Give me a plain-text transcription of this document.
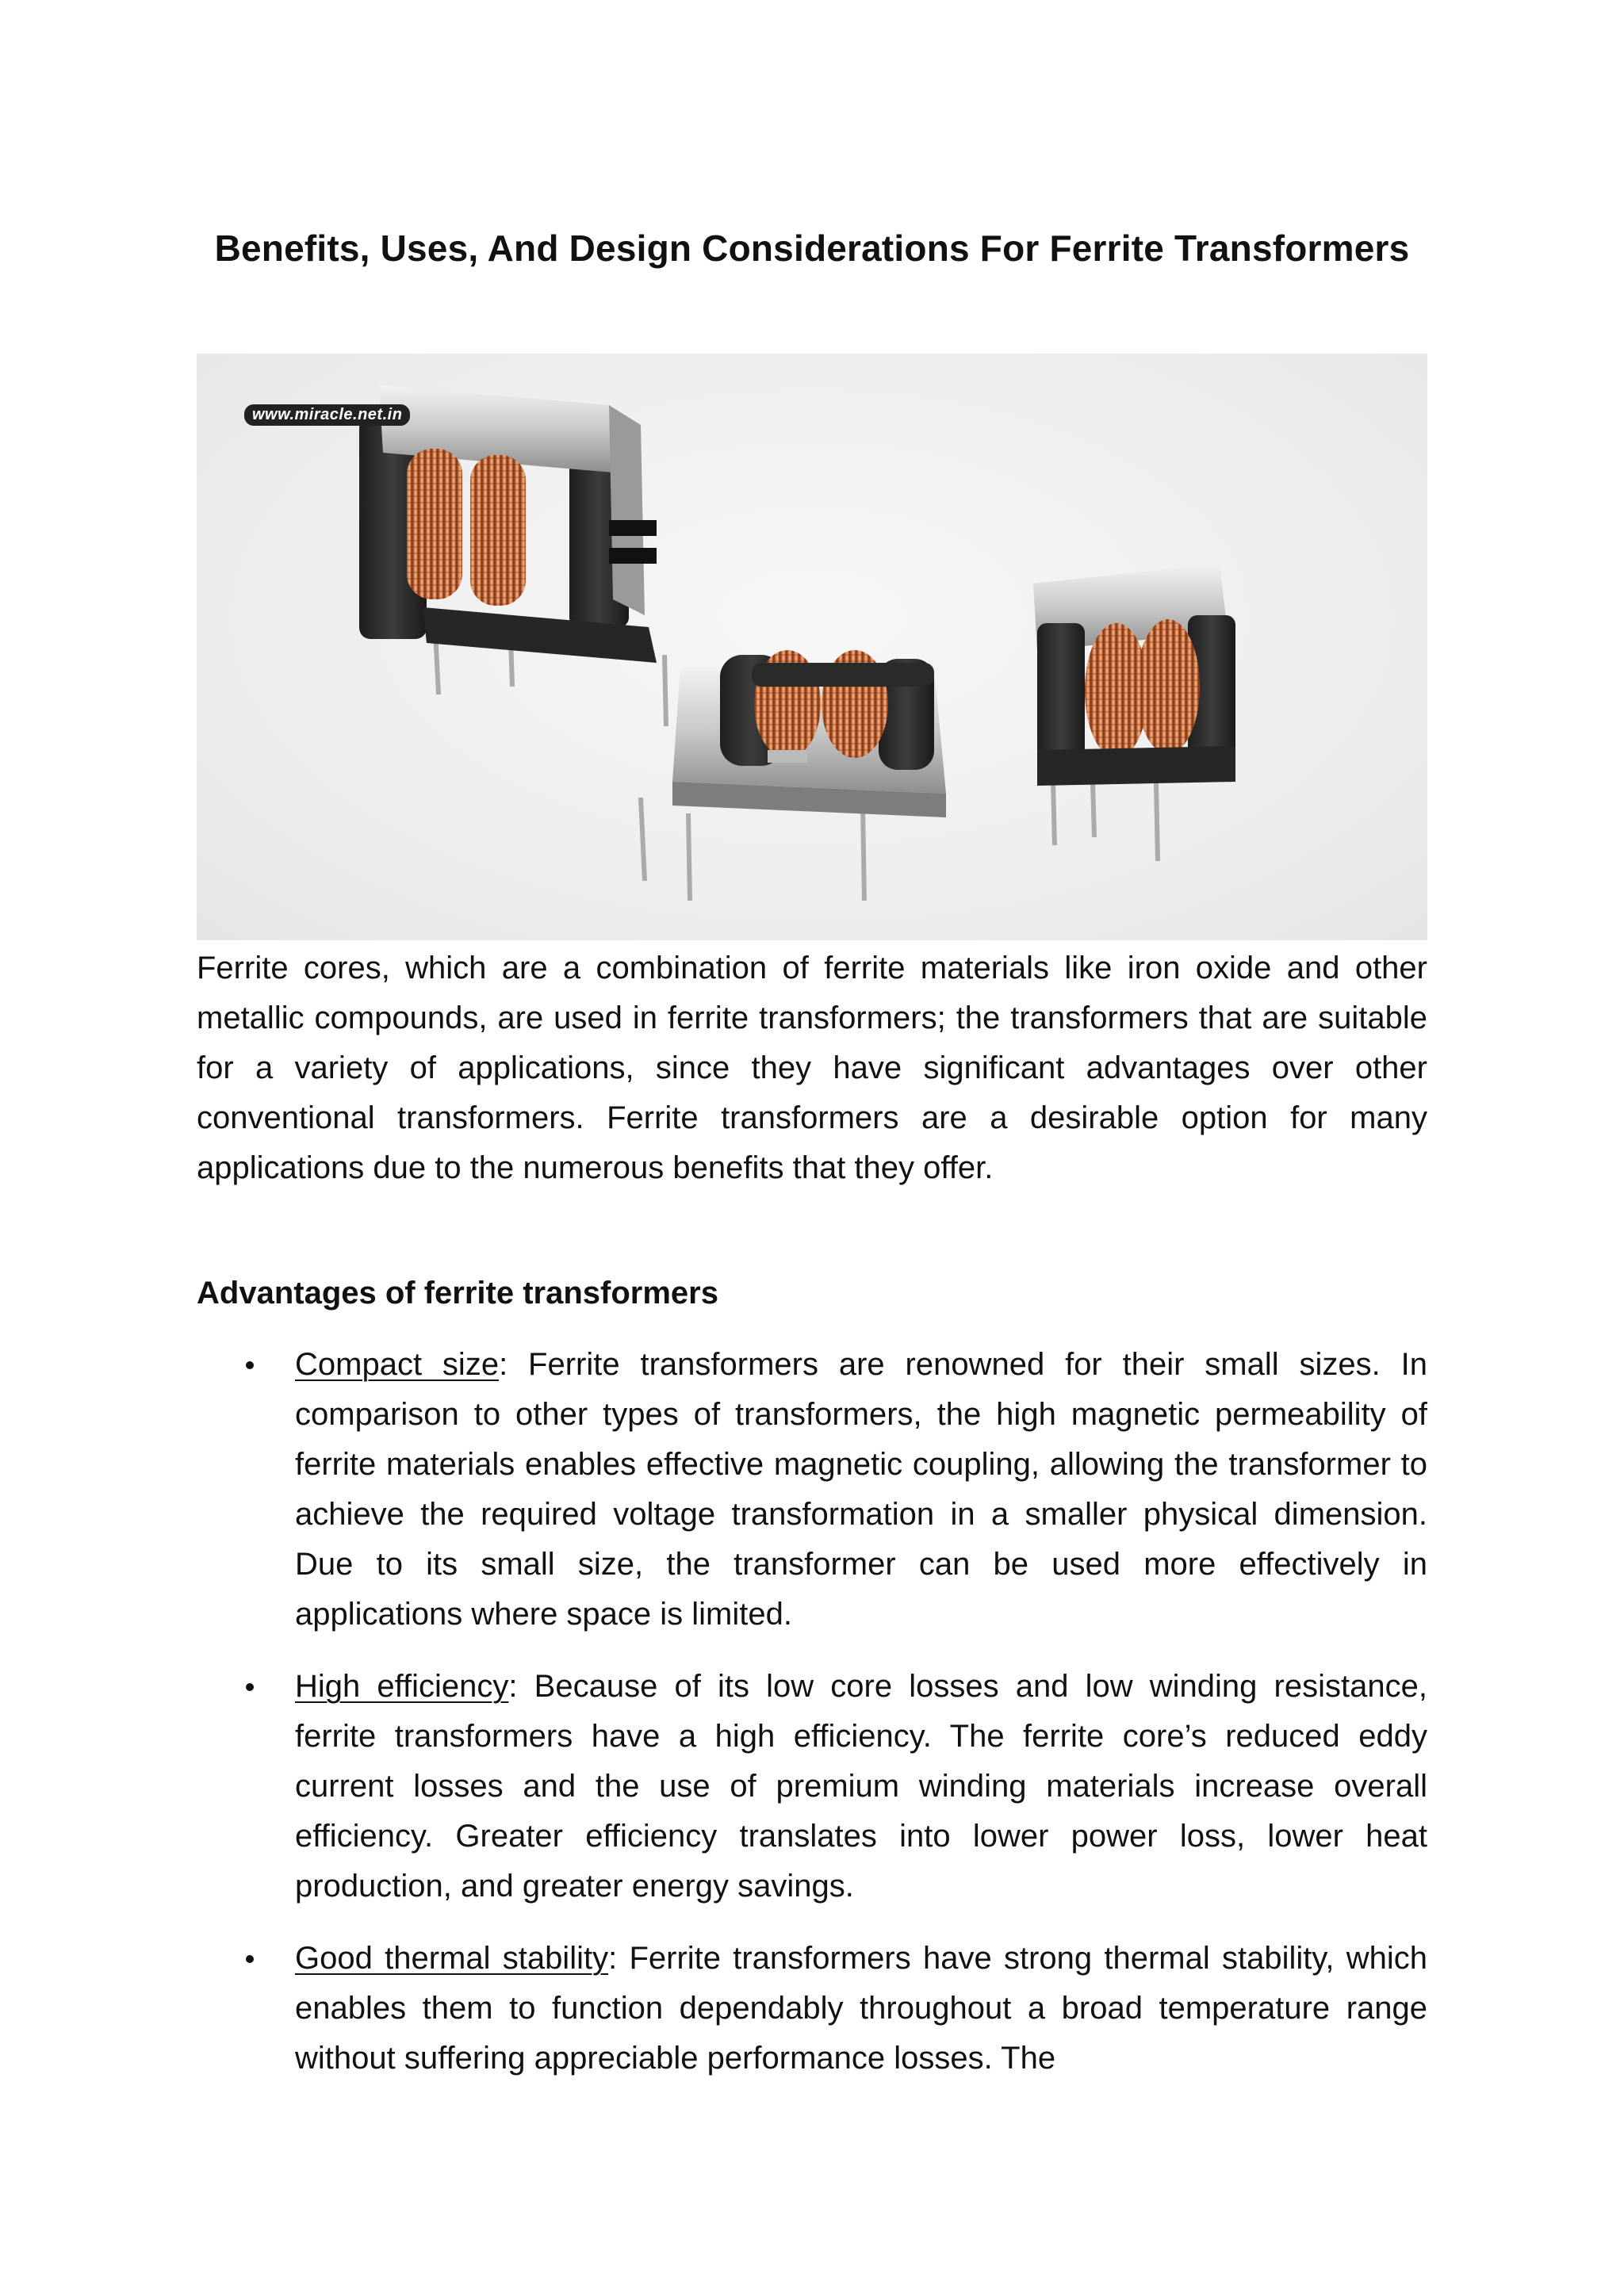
Benefits, Uses, And Design Considerations For Ferrite Transformers
www.miracle.net.in

Ferrite cores, which are a combination of ferrite materials like iron oxide and other metallic compounds, are used in ferrite transformers; the transformers that are suitable for a variety of applications, since they have significant advantages over other conventional transformers. Ferrite transformers are a desirable option for many applications due to the numerous benefits that they offer.

Advantages of ferrite transformers
Compact size: Ferrite transformers are renowned for their small sizes. In comparison to other types of transformers, the high magnetic permeability of ferrite materials enables effective magnetic coupling, allowing the transformer to achieve the required voltage transformation in a smaller physical dimension. Due to its small size, the transformer can be used more effectively in applications where space is limited.
High efficiency: Because of its low core losses and low winding resistance, ferrite transformers have a high efficiency. The ferrite core’s reduced eddy current losses and the use of premium winding materials increase overall efficiency. Greater efficiency translates into lower power loss, lower heat production, and greater energy savings.
Good thermal stability: Ferrite transformers have strong thermal stability, which enables them to function dependably throughout a broad temperature range without suffering appreciable performance losses. The
